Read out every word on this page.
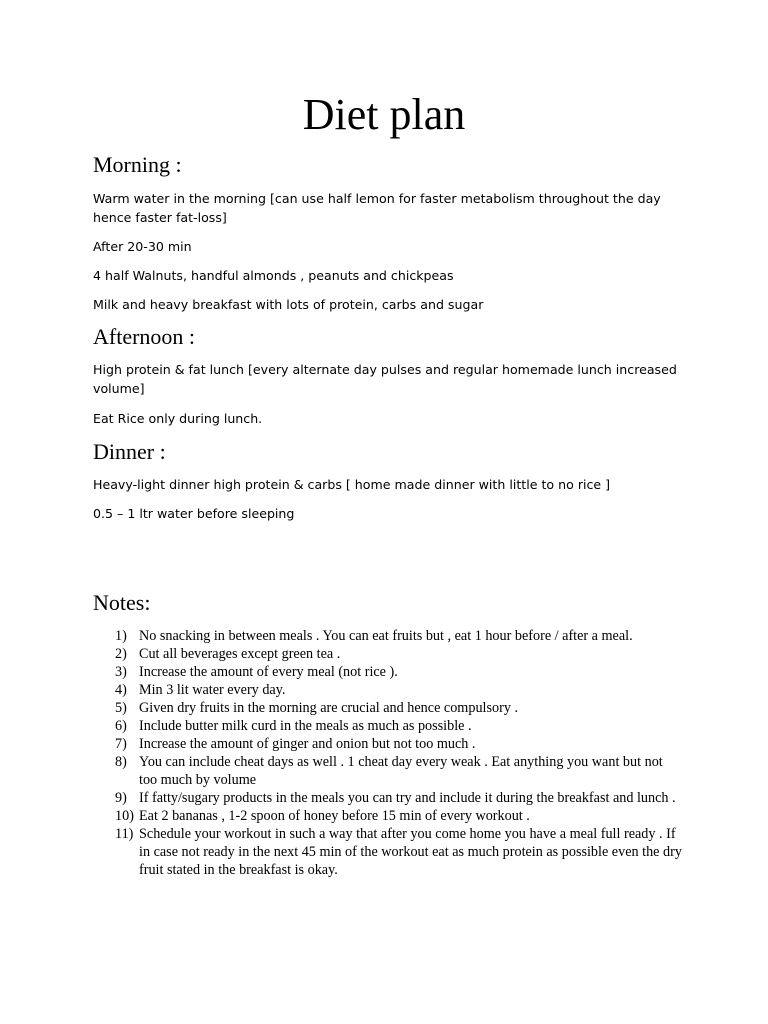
Diet plan
Morning :
Warm water in the morning [can use half lemon for faster metabolism throughout the day hence faster fat-loss]
After 20-30 min
4 half Walnuts, handful almonds , peanuts and chickpeas
Milk and heavy breakfast with lots of protein, carbs and sugar
Afternoon :
High protein & fat lunch [every alternate day pulses and regular homemade lunch increased volume]
Eat Rice only during lunch.
Dinner :
Heavy-light dinner high protein & carbs [ home made dinner with little to no rice ]
0.5 – 1 ltr water before sleeping
Notes:
1) No snacking in between meals . You can eat fruits but , eat 1 hour before / after a meal.
2) Cut all beverages except green tea .
3) Increase the amount of every meal (not rice ).
4) Min 3 lit water every day.
5) Given dry fruits in the morning are crucial and hence compulsory .
6) Include butter milk curd in the meals as much as possible .
7) Increase the amount of ginger and onion but not too much .
8) You can include cheat days as well . 1 cheat day every weak . Eat anything you want but not too much by volume
9) If fatty/sugary products in the meals you can try and include it during the breakfast and lunch .
10) Eat 2 bananas , 1-2 spoon of honey before 15 min of every workout .
11) Schedule your workout in such a way that after you come home you have a meal full ready . If in case not ready in the next 45 min of the workout eat as much protein as possible even the dry fruit stated in the breakfast is okay.
